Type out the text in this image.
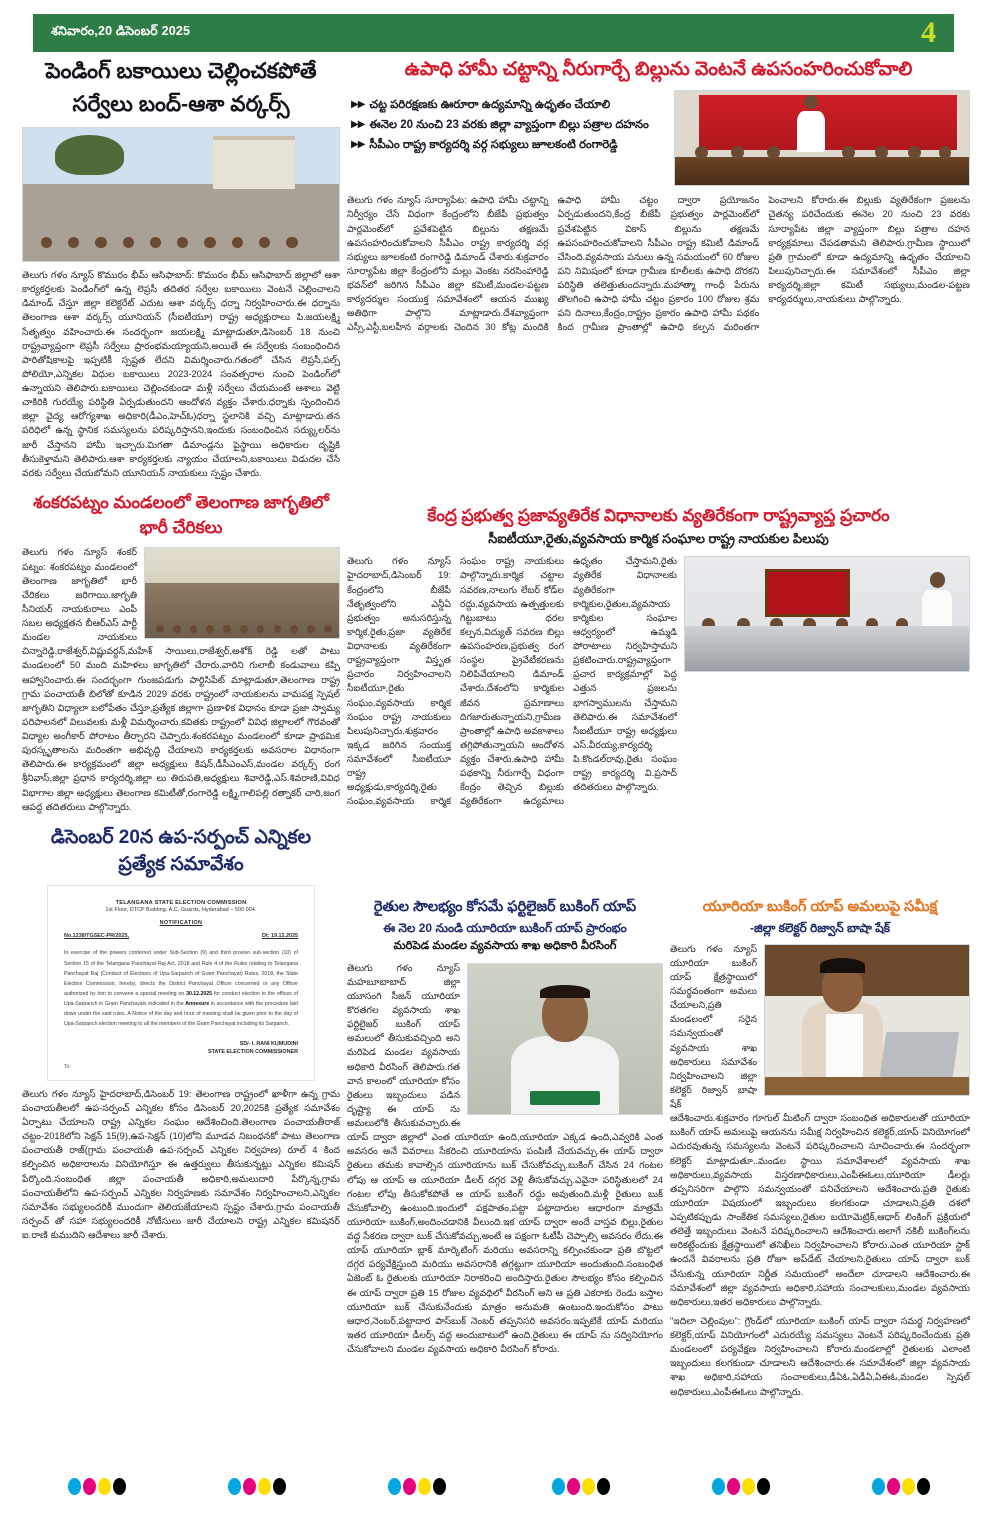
శనివారం,20 డిసెంబర్ 2025	4
పెండింగ్ బకాయిలు చెల్లించకపోతే
సర్వేలు బంద్-ఆశా వర్కర్స్
తెలుగు గళం న్యూస్ కొమురం భీమ్ ఆసిఫాబాద్: కొమురం భీమ్ ఆసిఫాబాద్ జిల్లాలో ఆశా కార్యకర్తలకు పెండింగ్‌లో ఉన్న లెప్రసీ తదితర సర్వేల బకాయిలు వెంటనే చెల్లించాలని డిమాండ్ చేస్తూ జిల్లా కలెక్టరేట్ ఎదుట ఆశా వర్కర్స్ ధర్నా నిర్వహించారు.ఈ ధర్నాను తెలంగాణ ఆశా వర్కర్స్ యూనియన్ (సీఐటీయూ) రాష్ట్ర అధ్యక్షురాలు పి.జయలక్ష్మి సేతృత్వం వహించారు.ఈ సందర్భంగా జయలక్ష్మి మాట్లాడుతూ,డిసెంబర్ 18 నుంచి రాష్ట్రవ్యాప్తంగా లెప్రసీ సర్వేలు ప్రారంభమయ్యాయని,అయితే ఈ సర్వేలకు సంబంధించిన పారితోషికాలపై ఇప్పటికీ స్పష్టత లేదని విమర్శించారు.గతంలో చేసిన లెప్రసీ,పల్స్ పోలియో,ఎన్నికల విధుల బకాయిలు 2023-2024 సంవత్సరాల నుంచి పెండింగ్‌లో ఉన్నాయని తెలిపారు.బకాయిలు చెల్లించకుండా మళ్లీ సర్వేలు చేయమంటే ఆశాలు వెట్టి చాకిరికి గురయ్యే పరిస్థితి ఏర్పడుతుందని ఆందోళన వ్యక్తం చేశారు.ధర్నాకు స్పందించిన జిల్లా వైద్య ఆరోగ్యశాఖ అధికారి(డీఎం,హెచ్‌ఓ)ధర్నా స్థలానికి వచ్చి మాట్లాడారు.తన పరిధిలో ఉన్న స్థానిక సమస్యలను పరిష్కరిస్తానని,ఇందుకు సంబంధించిన సర్య్కులర్‌ను జారీ చేస్తానని హామీ ఇచ్చారు.మిగతా డిమాండ్లను పైస్థాయి అధికారుల దృష్టికి తీసుకెళ్తామని తెలిపారు.ఆశా కార్యకర్తలకు న్యాయం చేయాలని,బకాయిలు విడుదల చేసే వరకు సర్వేలు చేయబోమని యూనియన్ నాయకులు స్పష్టం చేశారు.
శంకరపట్నం మండలంలో తెలంగాణ జాగృతిలో
భారీ చేరికలు
తెలుగు గళం న్యూస్ శంకర్ పట్నం: శంకరపట్నం మండలంలో తెలంగాణ జాగృతిలో భారీ చేరికలు జరిగాయి.జాగృతి సీనియర్ నాయకురాలు ఎంపీ సబల అధ్యక్షతన బీఆర్ఎస్ పార్టీ మండల నాయకులు చిన్నారెడ్డి,రాజేశ్వర్,విష్ణువర్ధన్,మహేశ్ సాయిలు,రాజేశ్వర్,అశోక్ రెడ్డి లతో పాటు మండలంలో 50 మంది మహిళలు జాగృతిలో చేరారు.వారిని గులాబీ కండువాలు కప్పి ఆహ్వానించారు.ఈ సందర్భంగా గుంజపడుగు పార్టిసిపేట్ మాట్లాడుతూ,తెలంగాణ రాష్ట్ర గ్రామ పంచాయతీ బిలోతో కూడిన 2029 వరకు రాష్ట్రంలో నాయకులను వామపక్ష స్పెషల్ జాగృతిని విధ్యాలా బలోపేతం చేస్తూ,ప్రత్యేక జిల్లాగా ప్రణాళిక విధానం కూడా ప్రజా స్వామ్య పరిపాలనలో విలువలకు మళ్లీ విమర్శించారు.కవితకు రాష్ట్రంలో వివిధ జిల్లాలలో గౌరవంతో విధ్యాల అంగీకార్ పోరాటం తీర్చారని చెప్పారు.శంకరపట్నం మండలంలో కూడా ప్రాథమిక పురస్కృతాలను మరింతగా అభివృద్ధి చేయాలని కార్యకర్తలకు అవసరాల విధానంగా తెలిపారు.ఈ కార్యక్రమంలో జిల్లా అధ్యక్షులు కిషన్,డీసీఎంఎస్,మండల వర్కర్స్ రంగ శ్రీనివాస్,జిల్లా ప్రధాన కార్యదర్శి,జిల్లా లు తిరుపతి,అధ్యక్షులు శివారెడ్డి,ఎస్.శివరాణి,వివిధ విభాగాల జిల్లా అధ్యక్షులు తెలంగాణ కమిటీతో,రంగారెడ్డి లక్ష్మి,గాలిపల్లి రత్నాకర్ చారి,జంగ ఆపద్ద తదితరులు పాల్గొన్నారు.
డిసెంబర్ 20న ఉప-సర్పంచ్ ఎన్నికల
ప్రత్యేక సమావేశం
TELANGANA STATE ELECTION COMMISSION
1st Floor, DTCP Building, A.C. Guards, Hyderabad – 500 004.
NOTIFICATION
No.1238/TGSEC-PR/2025,	Dt: 19.12.2025
In exercise of the powers conferred under Sub-Section (9) and third proviso sub-section (10) of Section 15 of the Telangana Panchayat Raj Act, 2018 and Rule 4 of the Rules relating to Telangana Panchayat Raj (Conduct of Elections of Upa-Sarpanch of Gram Panchayat) Rules, 2018, the State Election Commission, hereby, directs the District Panchayat Officer concerned or any Officer authorized by him to convene a special meeting on 30.12.2025 for conduct election to the offices of Upa-Sarpanch in Gram Panchayats indicated in the Annexure in accordance with the procedure laid down under the said rules. A Notice of the day and hour of meeting shall be given prior to the day of Upa-Sarpanch election meeting to all the members of the Gram Panchayat including its Sarpanch.
SD/- I. RANI KUMUDINI
STATE ELECTION COMMISSIONER
To:
తెలుగు గళం న్యూస్ హైదరాబాద్,డిసెంబర్ 19: తెలంగాణ రాష్ట్రంలో ఖాళీగా ఉన్న గ్రామ పంచాయతీలలో ఉప-సర్పంచ్ ఎన్నికల కోసం డిసెంబర్ 20,2025కి ప్రత్యేక సమావేశం ఏర్పాటు చేయాలని రాష్ట్ర ఎన్నికల సంఘం ఆదేశించింది.తెలంగాణ పంచాయతీరాజ్ చట్టం-2018లోని సెక్షన్ 15(9),ఉప-సెక్షన్ (10)లోని మూడవ నిబంధనకో పాటు తెలంగాణ పంచాయతీ రాజ్(గ్రామ పంచాయతీ ఉప-సర్పంచ్ ఎన్నికల నిర్వహణ) రూల్ 4 కింద కల్పించిన అధికారాలను వినియోగిస్తూ ఈ ఉత్తర్వులు తీసుకున్నట్లు ఎన్నికల కమిషన్ పేర్కొంది.సంబంధిత జిల్లా పంచాయతీ అధికారి,అమలుదారి పేర్కొన్న,గ్రామ పంచాయతీలోని ఉప-సర్పంచ్ ఎన్నికల నిర్వహణకు సమావేశం నిర్వహించాలని,ఎన్నికల సమావేశం సభ్యులందరికీ ముందుగా తెలియజేయాలని స్పష్టం చేశారు.గ్రామ పంచాయతీ సర్పంచ్ తో సహా సభ్యులందరికీ నోటీసులు జారీ చేయాలని రాష్ట్ర ఎన్నికల కమిషనర్ ఐ.రాణి కుముదిని ఆదేశాలు జారీ చేశారు.
ఉపాధి హామీ చట్టాన్ని నీరుగార్చే బిల్లును వెంటనే ఉపసంహరించుకోవాలి
▶▶ చట్ట పరిరక్షణకు ఊరూరా ఉద్యమాన్ని ఉధృతం చేయాలి
▶▶ ఈనెల 20 నుంచి 23 వరకు జిల్లా వ్యాప్తంగా బిల్లు పత్రాల దహనం
▶▶ సీపీఎం రాష్ట్ర కార్యదర్శి వర్గ సభ్యులు జూలకంటి రంగారెడ్డి
తెలుగు గళం న్యూస్ సూర్యాపేట: ఉపాధి హామీ చట్టాన్ని నిర్వీర్యం చేసే విధంగా కేంద్రంలోని బీజేపీ ప్రభుత్వం పార్లమెంట్‌లో ప్రవేశపెట్టిన బిల్లును తక్షణమే ఉపసంహరించుకోవాలని సీపీఎం రాష్ట్ర కార్యదర్శి వర్గ సభ్యులు జూలకంటి రంగారెడ్డి డిమాండ్ చేశారు.శుక్రవారం సూర్యాపేట జిల్లా కేంద్రంలోని మల్లు వెంకట నరసింహారెడ్డి భవన్‌లో జరిగిన సీపీఎం జిల్లా కమిటీ,మండల-పట్టణ కార్యదర్శుల సంయుక్త సమావేశంలో ఆయన ముఖ్య అతిథిగా పాల్గొని మాట్లాడారు.దేశవ్యాప్తంగా ఎస్సీ,ఎస్టీ,బలహీన వర్గాలకు చెందిన 30 కోట్ల మందికి ఉపాధి హామీ చట్టం ద్వారా ప్రయోజనం ఏర్పడుతుందని,కేంద్ర బీజేపీ ప్రభుత్వం పార్లమెంట్‌లో ప్రవేశపెట్టిన వికాస్ బిల్లును తక్షణమే ఉపసంహరించుకోవాలని సీపీఎం రాష్ట్ర కమిటీ డిమాండ్ చేసింది.వ్యవసాయ పనులు ఉన్న సమయంలో 60 రోజుల పని నిమిషంలో కూడా గ్రామీణ కూలీలకు ఉపాధి దొరకని పరిస్థితి తలెత్తుతుందన్నారు.మహాత్మా గాంధీ పేరును తొలగించి ఉపాధి హామీ చట్టం ప్రకారం 100 రోజుల శ్రమ పని దినాలు,కేంద్రం,రాష్ట్రం ప్రకారం ఉపాధి హామీ పథకం కింద గ్రామీణ ప్రాంతాల్లో ఉపాధి కల్పన మరింతగా పెంచాలని కోరారు.ఈ బిల్లుకు వ్యతిరేకంగా ప్రజలను చైతన్య పరిచేందుకు ఈనెల 20 నుంచి 23 వరకు సూర్యాపేట జిల్లా వ్యాప్తంగా బిల్లు పత్రాల దహన కార్యక్రమాలు చేపడతామని తెలిపారు.గ్రామీణ స్థాయిలో ప్రతి గ్రామంలో కూడా ఉద్యమాన్ని ఉధృతం చేయాలని పిలుపునిచ్చారు.ఈ సమావేశంలో సీపీఎం జిల్లా కార్యదర్శి,జిల్లా కమిటీ సభ్యులు,మండల-పట్టణ కార్యదర్శులు,నాయకులు పాల్గొన్నారు.
కేంద్ర ప్రభుత్వ ప్రజావ్యతిరేక విధానాలకు వ్యతిరేకంగా రాష్ట్రవ్యాప్త ప్రచారం
సీఐటీయూ,రైతు,వ్యవసాయ కార్మిక సంఘాల రాష్ట్ర నాయకుల పిలుపు
తెలుగు గళం న్యూస్ హైదరాబాద్,డిసెంబర్ 19: కేంద్రంలోని బీజేపీ నేతృత్వంలోని ఎన్డీఏ ప్రభుత్వం అనుసరిస్తున్న కార్మిక,రైతు,ప్రజా వ్యతిరేక విధానాలకు వ్యతిరేకంగా రాష్ట్రవ్యాప్తంగా విస్తృత ప్రచారం నిర్వహించాలని సీఐటీయూ,రైతు సంఘం,వ్యవసాయ కార్మిక సంఘం రాష్ట్ర నాయకులు పిలుపునిచ్చారు.శుక్రవారం ఇక్కడ జరిగిన సంయుక్త సమావేశంలో సీఐటీయూ రాష్ట్ర అధ్యక్షుడు,కార్యదర్శి,రైతు సంఘం,వ్యవసాయ కార్మిక సంఘం రాష్ట్ర నాయకులు పాల్గొన్నారు.కార్మిక చట్టాల సవరణ,నాలుగు లేబర్ కోడ్‌ల రద్దు,వ్యవసాయ ఉత్పత్తులకు గిట్టుబాటు ధరల కల్పన,విద్యుత్ సవరణ బిల్లు ఉపసంహరణ,ప్రభుత్వ రంగ సంస్థల ప్రైవేటీకరణను నిలిపివేయాలని డిమాండ్ చేశారు.దేశంలోని కార్మికుల జీవన ప్రమాణాలు దిగజారుతున్నాయని,గ్రామీణ ప్రాంతాల్లో ఉపాధి అవకాశాలు తగ్గిపోతున్నాయని ఆందోళన వ్యక్తం చేశారు.ఉపాధి హామీ పథకాన్ని నీరుగార్చే విధంగా కేంద్రం తెచ్చిన బిల్లుకు వ్యతిరేకంగా ఉద్యమాలు ఉధృతం చేస్తామని,రైతు వ్యతిరేక విధానాలకు వ్యతిరేకంగా కార్మికుల,రైతుల,వ్యవసాయ కార్మికుల సంఘాల ఆధ్వర్యంలో ఉమ్మడి పోరాటాలు నిర్వహిస్తామని ప్రకటించారు.రాష్ట్రవ్యాప్తంగా ప్రచార కార్యక్రమాల్లో పెద్ద ఎత్తున ప్రజలను భాగస్వాములను చేస్తామని తెలిపారు.ఈ సమావేశంలో సీఐటీయూ రాష్ట్ర అధ్యక్షులు ఎస్.వీరయ్య,కార్యదర్శి పి.కొండల్‌రావు,రైతు సంఘం రాష్ట్ర కార్యదర్శి వి.ప్రసాద్ తదితరులు పాల్గొన్నారు.
రైతుల సౌలభ్యం కోసమే ఫర్టిలైజర్ బుకింగ్ యాప్
ఈ నెల 20 నుండి యూరియా బుకింగ్ యాప్ ప్రారంభం
మరిపెడ మండల వ్యవసాయ శాఖ అధికారి వీరసింగ్
తెలుగు గళం న్యూస్ మహబూబాబాద్ జిల్లా యూసంగి సీజన్ యూరియా కొరతగల వ్యవసాయ శాఖ ఫర్టిలైజర్ బుకింగ్ యాప్ అమలులో తీసుకువచ్చింది అని మరిపెడ మండల వ్యవసాయ అధికారి వీరసింగ్ తెలిపారు.గత వాన కాలంలో యూరియా కోసం రైతులు ఇబ్బందులు పడిన దృష్ట్యా ఈ యాప్ ను అమలులోకి తీసుకువచ్చారు.ఈ యాప్ ద్వారా జిల్లాలో ఎంత యూరియా ఉంది,యూరియా ఎక్కడ ఉంది,ఎవ్వరికి ఎంత అవసరం అనే వివరాలు సేకరించి యూరియాను పంపిణీ చేయవచ్చు.ఈ యాప్ ద్వారా రైతులు తమకు కావాల్సిన యూరియాను బుక్ చేసుకోవచ్చు.బుకింగ్ చేసిన 24 గంటల లోపు ఆ యాప్ ఆ యూరియా డీలర్ దగ్గర వెళ్లి తీసుకోవచ్చు.ఎవైనా పరిస్థితులలో 24 గంటల లోపు తీసుకోకపోతే ఆ యాప్ బుకింగ్ రద్దు అవుతుంది.మళ్లీ రైతులు బుక్ చేసుకోవాల్సి ఉంటుంది.ఇందులో పక్షపాతం,పట్టా పట్టాదారుల ఆధారంగా మాత్రమే యూరియా బుకింగ్,అందించడానికి వీలుంది.ఇక యాప్ ద్వారా అందే వాస్తవ బిల్లు,రైతుల వద్ద సేకరణ ద్వారా బుక్ చేసుకోవచ్చు,అంటే ఆ పక్షంగా ఓటీపీ చెప్పాల్సి అవసరం లేదు.ఈ యాప్ యూరియా బ్లాక్ మార్కెటింగ్ మరియు అవసరాన్ని కల్పించకుండా ప్రతి బొట్టలో దగ్గర పర్యవేక్షిస్తుంది మరియు అవసరానికి తగ్గట్టుగా యూరియా అందుతుంది.సంబంధిత ఏజెంట్ ఓ రైతులకు యూరియా నిరాకరించి అందిస్తారు.రైతుల సౌలభ్యం కోసం కల్పించిన ఈ యాప్ ద్వారా ప్రతి 15 రోజుల వ్యవధిలో వీరసింగ్ అని ఆ ప్రతి ఎకరాకు రెండు బస్తాల యూరియా బుక్ చేసుకునేందుకు మాత్రం అనుమతి ఉంటుంది.ఇందుకోసం పాటు ఆధార,నెంబర్,పట్టాదార పాస్‌బుక్ నెంబర్ తప్పనిసరి అవసరం.ఇప్పటికే యాప్ మరియు ఇతర యూరియా డీలర్స్ వద్ద అందుబాటులో ఉంది.రైతులు ఈ యాప్ ను సద్వినియోగం చేసుకోవాలని మండల వ్యవసాయ అధికారి వీరసింగ్ కోరారు.
యూరియా బుకింగ్ యాప్ అమలుపై సమీక్ష
-జిల్లా కలెక్టర్ రిజ్వాన్ బాషా షేక్
తెలుగు గళం న్యూస్ యూరియా బుకింగ్ యాప్ క్షేత్రస్థాయిలో సమర్థవంతంగా అమలు చేయాలని,ప్రతి మండలంలో సరైన సమన్వయంతో వ్యవసాయ శాఖ అధికారులు సమావేశం నిర్వహించాలని జిల్లా కలెక్టర్ రిజ్వాన్ బాషా షేక్ ఆదేశించారు.శుక్రవారం గూగుల్ మీటింగ్ ద్వారా సంబంధిత అధికారులతో యూరియా బుకింగ్ యాప్ అమలుపై ఆయనను సమీక్ష నిర్వహించిన కలెక్టర్,యాప్ వినియోగంలో ఎదురవుతున్న సమస్యలను వెంటనే పరిష్కరించాలని సూచించారు.ఈ సందర్భంగా కలెక్టర్ మాట్లాడుతూ..మండల స్థాయి సమావేశాలలో వ్యవసాయ శాఖ అధికారులు,వ్యవసాయ విస్తరణాధికారులు,ఎంపీఈఓలు,యూరియా డీలర్లు తప్పనిసరిగా పాల్గొని సమన్వయంతో పనిచేయాలని ఆదేశించారు.ప్రతి రైతుకు యూరియా విషయంలో ఇబ్బందులు కలగకుండా చూడాలని,ప్రతి దశలో ఎప్పటికప్పుడు సాంకేతిక సమస్యలు,రైతుల బయోమెట్రిక్,ఆధార్ లింకింగ్ ప్రక్రియలో తలెత్తే ఇబ్బందులు వెంటనే పరిష్కరించాలని ఆదేశించారు.అలాగే నకిలీ బుకింగ్‌లను అరికట్టేందుకు క్షేత్రస్థాయిలో తనిఖీలు నిర్వహించాలని కోరారు.ఎంత యూరియా స్టాక్ ఉందనే వివరాలను ప్రతి రోజూ అప్‌డేట్ చేయాలని,రైతులు యాప్ ద్వారా బుక్ చేసుకున్న యూరియా నిర్ణీత సమయంలో అందేలా చూడాలని ఆదేశించారు.ఈ సమావేశంలో జిల్లా వ్యవసాయ అధికారి,సహాయ సంచాలకులు,మండల వ్యవసాయ అధికారులు,ఇతర అధికారులు పాల్గొన్నారు.
"ఇదిలా చెల్లింపుల": గ్రౌండ్‌లో యూరియా బుకింగ్ యాప్ ద్వారా సమర్థ నిర్వహణలో కలెక్టర్,యాప్ వినియోగంలో ఎదురయ్యే సమస్యలు వెంటనే పరిష్కరించేందుకు ప్రతి మండలంలో పర్యవేక్షణ నిర్వహించాలని కోరారు.మండలాల్లో రైతులకు ఎలాంటి ఇబ్బందులు కలగకుండా చూడాలని ఆదేశించారు.ఈ సమావేశంలో జిల్లా వ్యవసాయ శాఖ అధికారి,సహాయ సంచాలకులు,డీఏఓ,ఏడీఏ,ఏఈఓ,మండల స్పెషల్ అధికారులు,ఎంపీఈఓలు పాల్గొన్నారు.
